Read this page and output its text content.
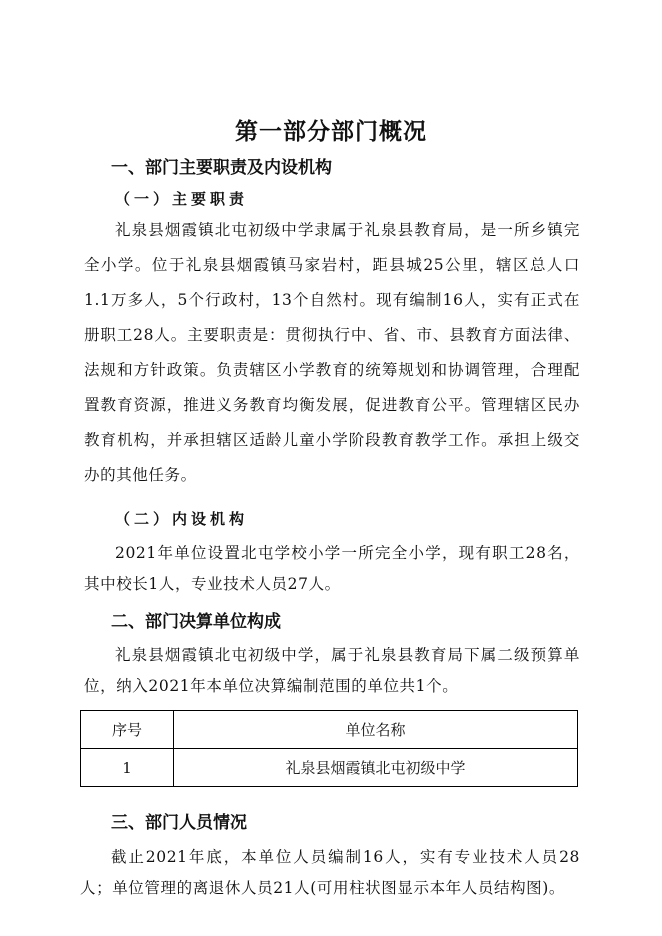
第一部分部门概况
一、部门主要职责及内设机构
（一）主要职责
礼泉县烟霞镇北屯初级中学隶属于礼泉县教育局，是一所乡镇完全小学。位于礼泉县烟霞镇马家岩村，距县城25公里，辖区总人口1.1万多人，5个行政村，13个自然村。现有编制16人，实有正式在册职工28人。主要职责是：贯彻执行中、省、市、县教育方面法律、法规和方针政策。负责辖区小学教育的统筹规划和协调管理，合理配置教育资源，推进义务教育均衡发展，促进教育公平。管理辖区民办教育机构，并承担辖区适龄儿童小学阶段教育教学工作。承担上级交办的其他任务。
（二）内设机构
2021年单位设置北屯学校小学一所完全小学，现有职工28名，其中校长1人，专业技术人员27人。
二、部门决算单位构成
礼泉县烟霞镇北屯初级中学，属于礼泉县教育局下属二级预算单位，纳入2021年本单位决算编制范围的单位共1个。
序号	单位名称
1	礼泉县烟霞镇北屯初级中学
三、部门人员情况
截止2021年底，本单位人员编制16人，实有专业技术人员28人；单位管理的离退休人员21人(可用柱状图显示本年人员结构图)。
